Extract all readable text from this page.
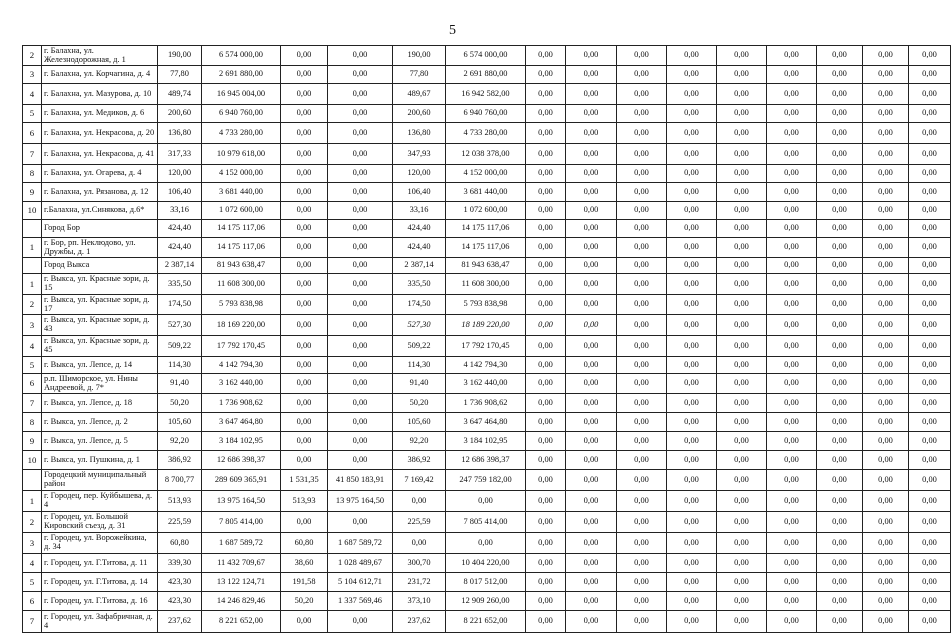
5
2	г. Балахна, ул. Железнодорожная, д. 1	190,00	6 574 000,00	0,00	0,00	190,00	6 574 000,00	0,00	0,00	0,00	0,00	0,00	0,00	0,00	0,00	0,00
3	г. Балахна, ул. Корчагина, д. 4	77,80	2 691 880,00	0,00	0,00	77,80	2 691 880,00	0,00	0,00	0,00	0,00	0,00	0,00	0,00	0,00	0,00
4	г. Балахна, ул. Мазурова, д. 10	489,74	16 945 004,00	0,00	0,00	489,67	16 942 582,00	0,00	0,00	0,00	0,00	0,00	0,00	0,00	0,00	0,00
5	г. Балахна, ул. Медиков, д. 6	200,60	6 940 760,00	0,00	0,00	200,60	6 940 760,00	0,00	0,00	0,00	0,00	0,00	0,00	0,00	0,00	0,00
6	г. Балахна, ул. Некрасова, д. 20	136,80	4 733 280,00	0,00	0,00	136,80	4 733 280,00	0,00	0,00	0,00	0,00	0,00	0,00	0,00	0,00	0,00
7	г. Балахна, ул. Некрасова, д. 41	317,33	10 979 618,00	0,00	0,00	347,93	12 038 378,00	0,00	0,00	0,00	0,00	0,00	0,00	0,00	0,00	0,00
8	г. Балахна, ул. Огарева, д. 4	120,00	4 152 000,00	0,00	0,00	120,00	4 152 000,00	0,00	0,00	0,00	0,00	0,00	0,00	0,00	0,00	0,00
9	г. Балахна, ул. Рязанова, д. 12	106,40	3 681 440,00	0,00	0,00	106,40	3 681 440,00	0,00	0,00	0,00	0,00	0,00	0,00	0,00	0,00	0,00
10	г.Балахна, ул.Синякова, д.6*	33,16	1 072 600,00	0,00	0,00	33,16	1 072 600,00	0,00	0,00	0,00	0,00	0,00	0,00	0,00	0,00	0,00
	Город Бор	424,40	14 175 117,06	0,00	0,00	424,40	14 175 117,06	0,00	0,00	0,00	0,00	0,00	0,00	0,00	0,00	0,00
1	г. Бор, рп. Неклюдово, ул. Дружбы, д. 1	424,40	14 175 117,06	0,00	0,00	424,40	14 175 117,06	0,00	0,00	0,00	0,00	0,00	0,00	0,00	0,00	0,00
	Город Выкса	2 387,14	81 943 638,47	0,00	0,00	2 387,14	81 943 638,47	0,00	0,00	0,00	0,00	0,00	0,00	0,00	0,00	0,00
1	г. Выкса, ул. Красные зори, д. 15	335,50	11 608 300,00	0,00	0,00	335,50	11 608 300,00	0,00	0,00	0,00	0,00	0,00	0,00	0,00	0,00	0,00
2	г. Выкса, ул. Красные зори, д. 17	174,50	5 793 838,98	0,00	0,00	174,50	5 793 838,98	0,00	0,00	0,00	0,00	0,00	0,00	0,00	0,00	0,00
3	г. Выкса, ул. Красные зори, д. 43	527,30	18 169 220,00	0,00	0,00	527,30	18 189 220,00	0,00	0,00	0,00	0,00	0,00	0,00	0,00	0,00	0,00
4	г. Выкса, ул. Красные зори, д. 45	509,22	17 792 170,45	0,00	0,00	509,22	17 792 170,45	0,00	0,00	0,00	0,00	0,00	0,00	0,00	0,00	0,00
5	г. Выкса, ул. Лепсе, д. 14	114,30	4 142 794,30	0,00	0,00	114,30	4 142 794,30	0,00	0,00	0,00	0,00	0,00	0,00	0,00	0,00	0,00
6	р.п. Шиморское, ул. Нины Андреевой, д. 7*	91,40	3 162 440,00	0,00	0,00	91,40	3 162 440,00	0,00	0,00	0,00	0,00	0,00	0,00	0,00	0,00	0,00
7	г. Выкса, ул. Лепсе, д. 18	50,20	1 736 908,62	0,00	0,00	50,20	1 736 908,62	0,00	0,00	0,00	0,00	0,00	0,00	0,00	0,00	0,00
8	г. Выкса, ул. Лепсе, д. 2	105,60	3 647 464,80	0,00	0,00	105,60	3 647 464,80	0,00	0,00	0,00	0,00	0,00	0,00	0,00	0,00	0,00
9	г. Выкса, ул. Лепсе, д. 5	92,20	3 184 102,95	0,00	0,00	92,20	3 184 102,95	0,00	0,00	0,00	0,00	0,00	0,00	0,00	0,00	0,00
10	г. Выкса, ул. Пушкина, д. 1	386,92	12 686 398,37	0,00	0,00	386,92	12 686 398,37	0,00	0,00	0,00	0,00	0,00	0,00	0,00	0,00	0,00
	Городецкий муниципальный район	8 700,77	289 609 365,91	1 531,35	41 850 183,91	7 169,42	247 759 182,00	0,00	0,00	0,00	0,00	0,00	0,00	0,00	0,00	0,00
1	г. Городец, пер. Куйбышева, д. 4	513,93	13 975 164,50	513,93	13 975 164,50	0,00	0,00	0,00	0,00	0,00	0,00	0,00	0,00	0,00	0,00	0,00
2	г. Городец, ул. Большой Кировский съезд, д. 31	225,59	7 805 414,00	0,00	0,00	225,59	7 805 414,00	0,00	0,00	0,00	0,00	0,00	0,00	0,00	0,00	0,00
3	г. Городец, ул. Ворожейкина, д. 34	60,80	1 687 589,72	60,80	1 687 589,72	0,00	0,00	0,00	0,00	0,00	0,00	0,00	0,00	0,00	0,00	0,00
4	г. Городец, ул. Г.Титова, д. 11	339,30	11 432 709,67	38,60	1 028 489,67	300,70	10 404 220,00	0,00	0,00	0,00	0,00	0,00	0,00	0,00	0,00	0,00
5	г. Городец, ул. Г.Титова, д. 14	423,30	13 122 124,71	191,58	5 104 612,71	231,72	8 017 512,00	0,00	0,00	0,00	0,00	0,00	0,00	0,00	0,00	0,00
6	г. Городец, ул. Г.Титова, д. 16	423,30	14 246 829,46	50,20	1 337 569,46	373,10	12 909 260,00	0,00	0,00	0,00	0,00	0,00	0,00	0,00	0,00	0,00
7	г. Городец, ул. Зафабричная, д. 4	237,62	8 221 652,00	0,00	0,00	237,62	8 221 652,00	0,00	0,00	0,00	0,00	0,00	0,00	0,00	0,00	0,00
